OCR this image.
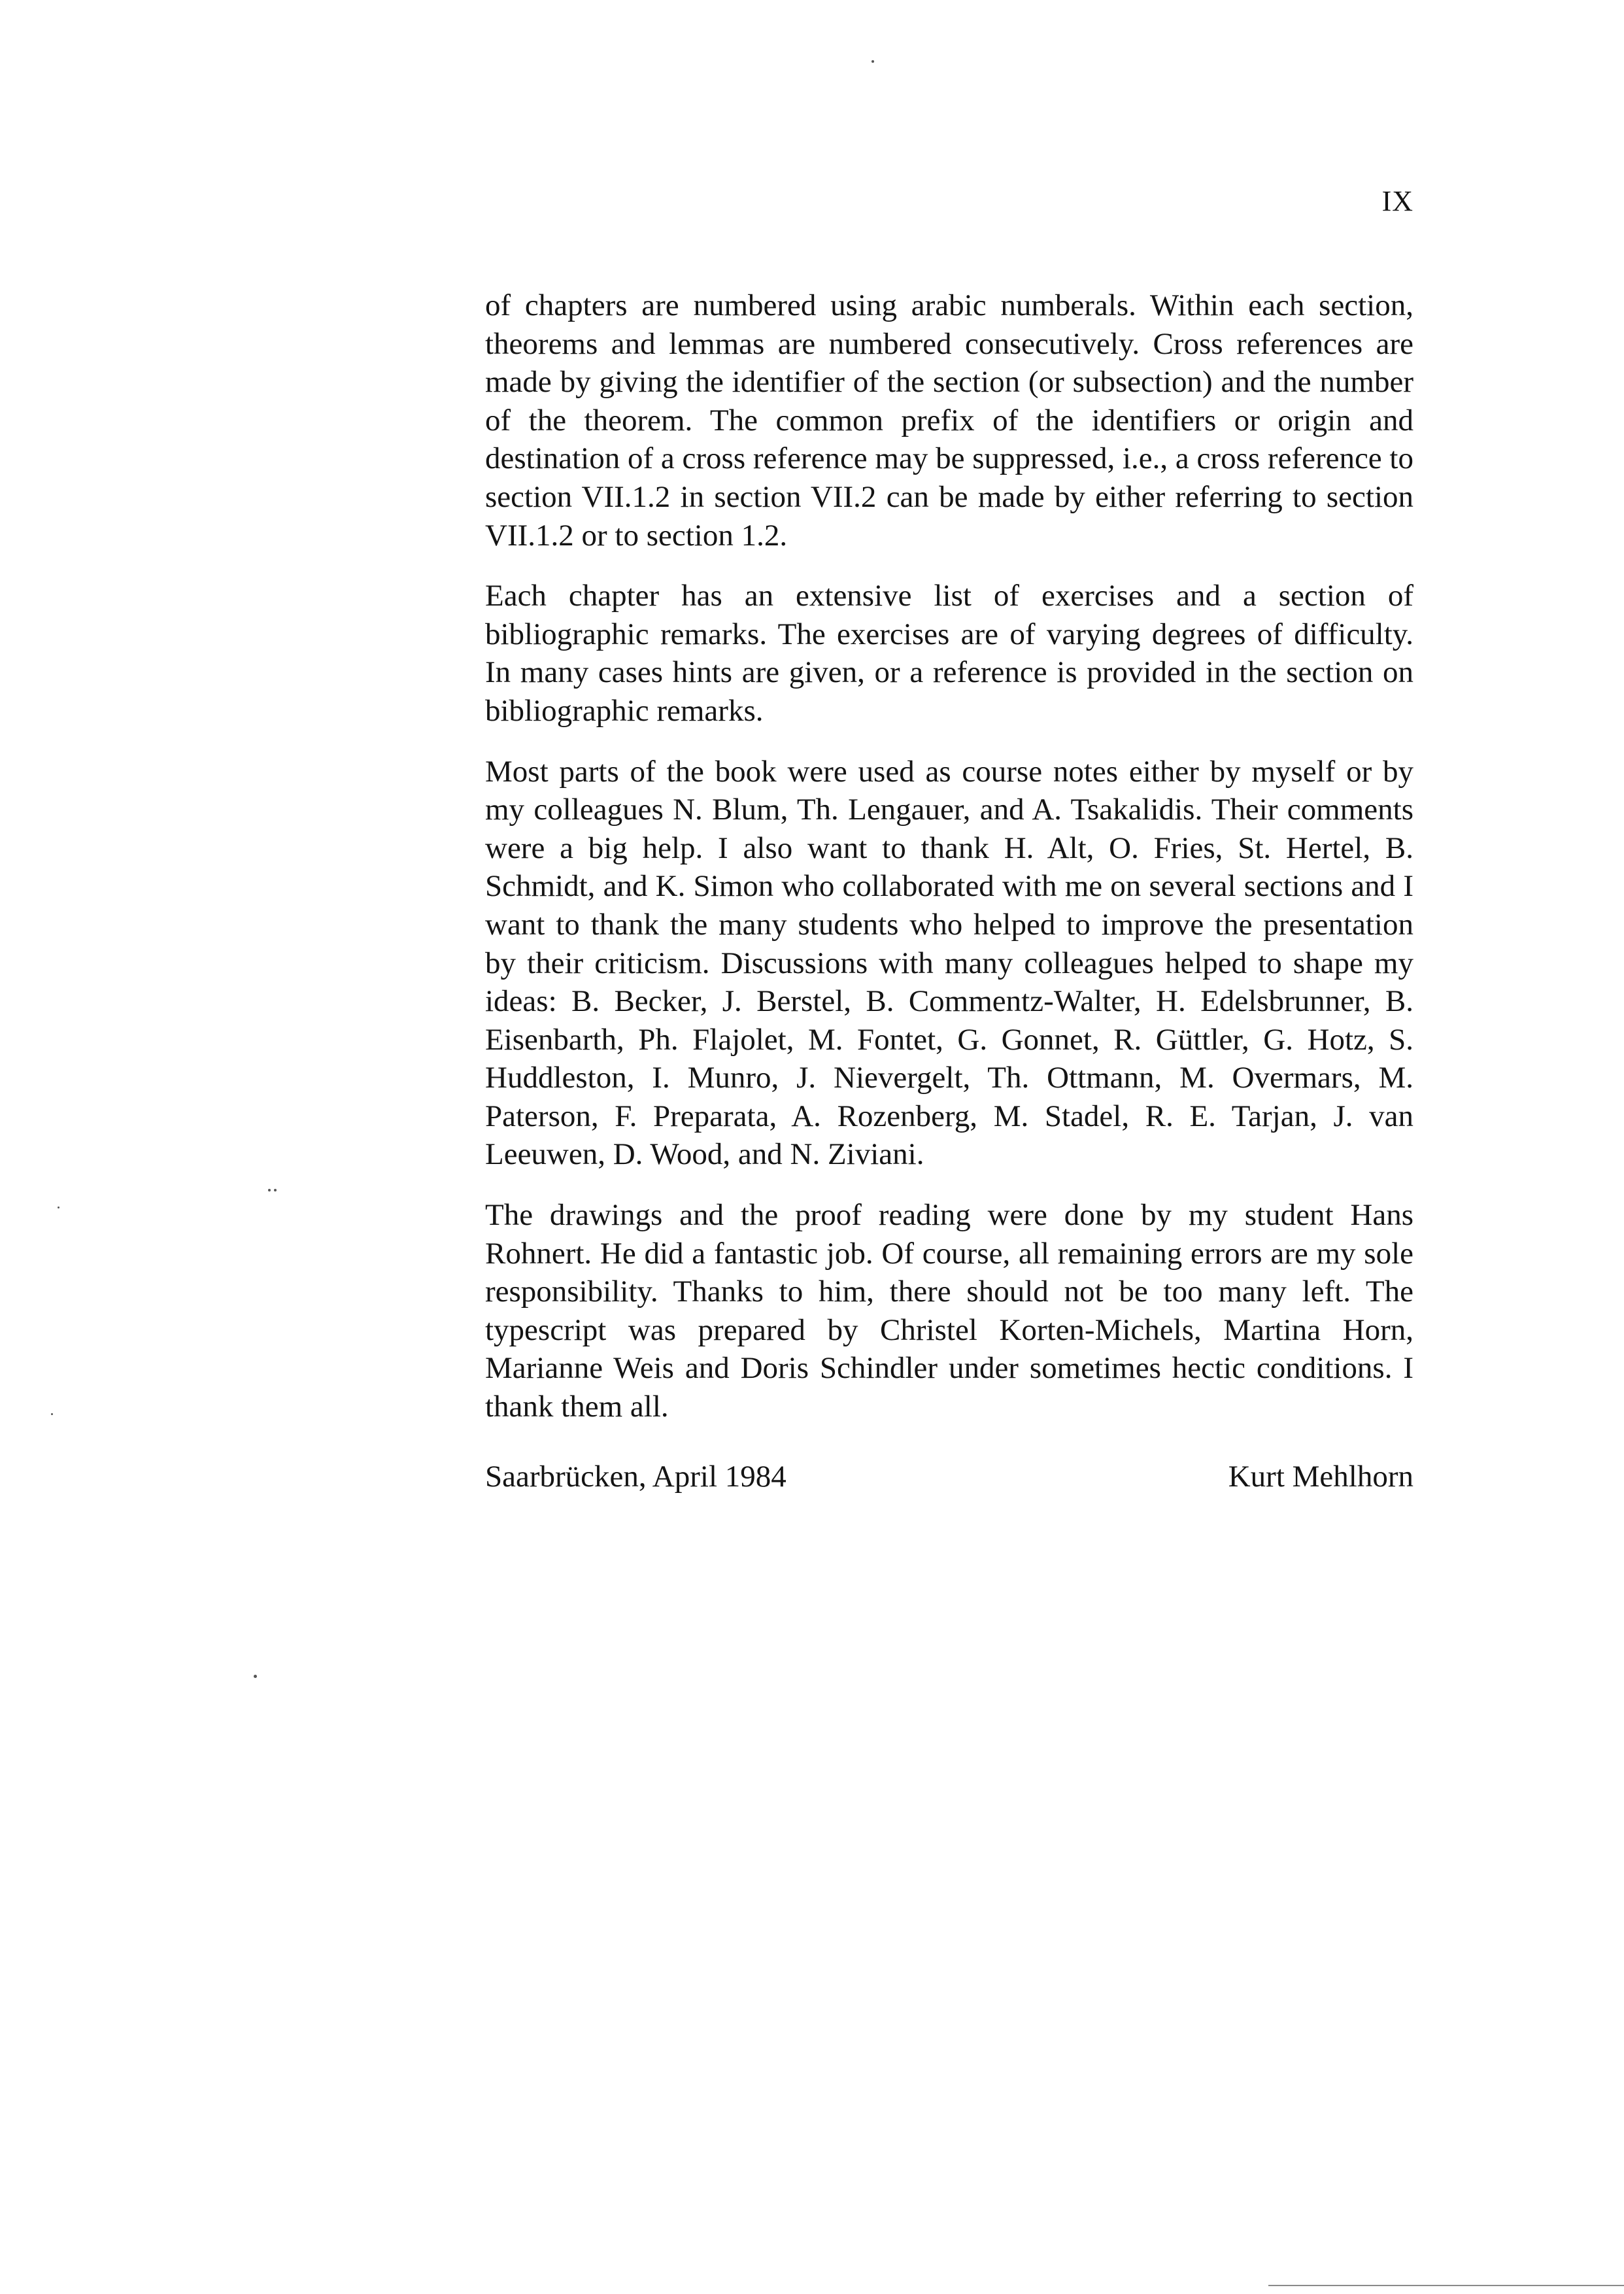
IX

of chapters are numbered using arabic numberals. Within each section, theorems and lemmas are numbered consecutively. Cross references are made by giving the identifier of the section (or subsection) and the number of the theorem. The common prefix of the identifiers or origin and destination of a cross reference may be suppressed, i.e., a cross reference to section VII.1.2 in section VII.2 can be made by either referring to section VII.1.2 or to section 1.2.

Each chapter has an extensive list of exercises and a section of bibliographic remarks. The exercises are of varying degrees of difficulty. In many cases hints are given, or a reference is provided in the section on bibliographic remarks.

Most parts of the book were used as course notes either by myself or by my colleagues N. Blum, Th. Lengauer, and A. Tsakalidis. Their comments were a big help. I also want to thank H. Alt, O. Fries, St. Hertel, B. Schmidt, and K. Simon who collaborated with me on several sections and I want to thank the many students who helped to improve the presentation by their criticism. Discussions with many colleagues helped to shape my ideas: B. Becker, J. Berstel, B. Commentz-Walter, H. Edelsbrunner, B. Eisenbarth, Ph. Flajolet, M. Fontet, G. Gonnet, R. Güttler, G. Hotz, S. Huddleston, I. Munro, J. Nievergelt, Th. Ottmann, M. Overmars, M. Paterson, F. Preparata, A. Rozenberg, M. Stadel, R. E. Tarjan, J. van Leeuwen, D. Wood, and N. Ziviani.

The drawings and the proof reading were done by my student Hans Rohnert. He did a fantastic job. Of course, all remaining errors are my sole responsibility. Thanks to him, there should not be too many left. The typescript was prepared by Christel Korten-Michels, Martina Horn, Marianne Weis and Doris Schindler under sometimes hectic conditions. I thank them all.

Saarbrücken, April 1984	Kurt Mehlhorn
